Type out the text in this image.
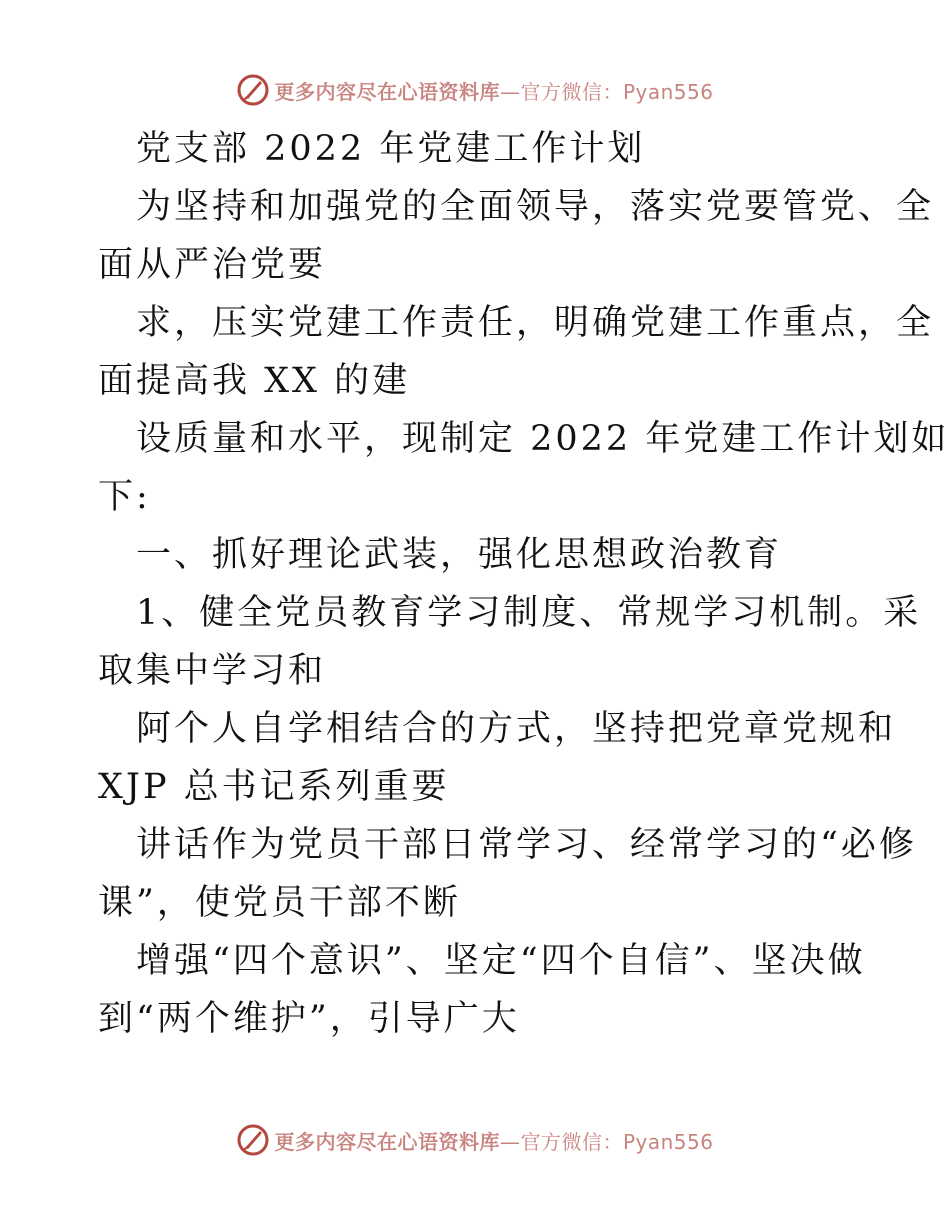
更多内容尽在心语资料库—官方微信：Pyan556
党支部 2022 年党建工作计划
为坚持和加强党的全面领导，落实党要管党、全
面从严治党要
求，压实党建工作责任，明确党建工作重点，全
面提高我 XX 的建
设质量和水平，现制定 2022 年党建工作计划如
下:
一、抓好理论武装，强化思想政治教育
1、健全党员教育学习制度、常规学习机制。采
取集中学习和
阿个人自学相结合的方式，坚持把党章党规和
XJP 总书记系列重要
讲话作为党员干部日常学习、经常学习的“必修
课”，使党员干部不断
增强“四个意识”、坚定“四个自信”、坚决做
到“两个维护”，引导广大
更多内容尽在心语资料库—官方微信：Pyan556
